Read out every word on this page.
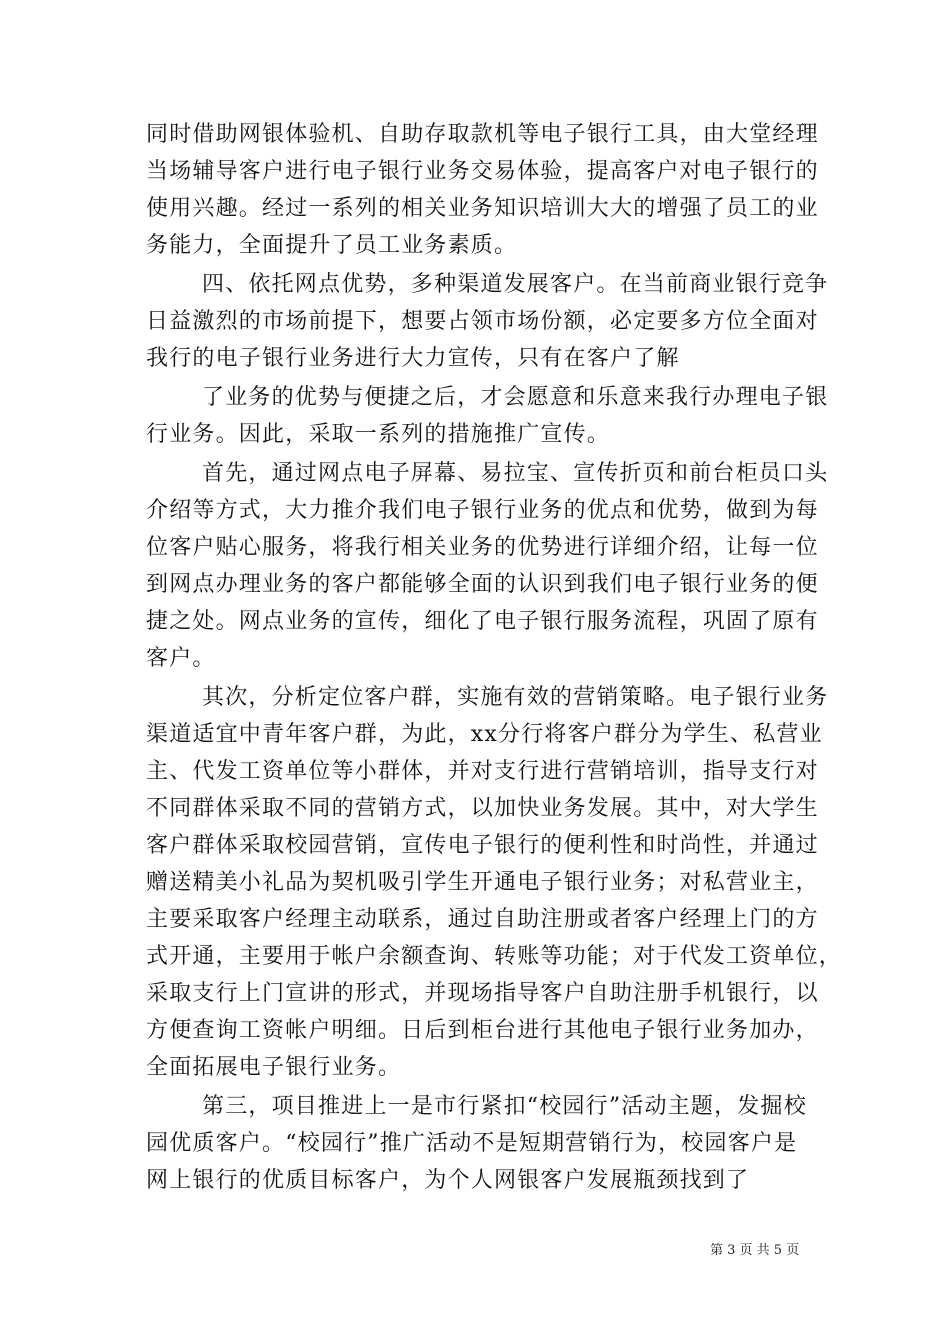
同时借助网银体验机、自助存取款机等电子银行工具，由大堂经理
当场辅导客户进行电子银行业务交易体验，提高客户对电子银行的
使用兴趣。经过一系列的相关业务知识培训大大的增强了员工的业
务能力，全面提升了员工业务素质。

四、依托网点优势，多种渠道发展客户。在当前商业银行竞争
日益激烈的市场前提下，想要占领市场份额，必定要多方位全面对
我行的电子银行业务进行大力宣传，只有在客户了解

了业务的优势与便捷之后，才会愿意和乐意来我行办理电子银
行业务。因此，采取一系列的措施推广宣传。

首先，通过网点电子屏幕、易拉宝、宣传折页和前台柜员口头
介绍等方式，大力推介我们电子银行业务的优点和优势，做到为每
位客户贴心服务，将我行相关业务的优势进行详细介绍，让每一位
到网点办理业务的客户都能够全面的认识到我们电子银行业务的便
捷之处。网点业务的宣传，细化了电子银行服务流程，巩固了原有
客户。

其次，分析定位客户群，实施有效的营销策略。电子银行业务
渠道适宜中青年客户群，为此，xx分行将客户群分为学生、私营业
主、代发工资单位等小群体，并对支行进行营销培训，指导支行对
不同群体采取不同的营销方式，以加快业务发展。其中，对大学生
客户群体采取校园营销，宣传电子银行的便利性和时尚性，并通过
赠送精美小礼品为契机吸引学生开通电子银行业务；对私营业主，
主要采取客户经理主动联系，通过自助注册或者客户经理上门的方
式开通，主要用于帐户余额查询、转账等功能；对于代发工资单位，
采取支行上门宣讲的形式，并现场指导客户自助注册手机银行，以
方便查询工资帐户明细。日后到柜台进行其他电子银行业务加办，
全面拓展电子银行业务。

第三，项目推进上一是市行紧扣“校园行”活动主题，发掘校
园优质客户。“校园行”推广活动不是短期营销行为，校园客户是
网上银行的优质目标客户，为个人网银客户发展瓶颈找到了

第 3 页 共 5 页
